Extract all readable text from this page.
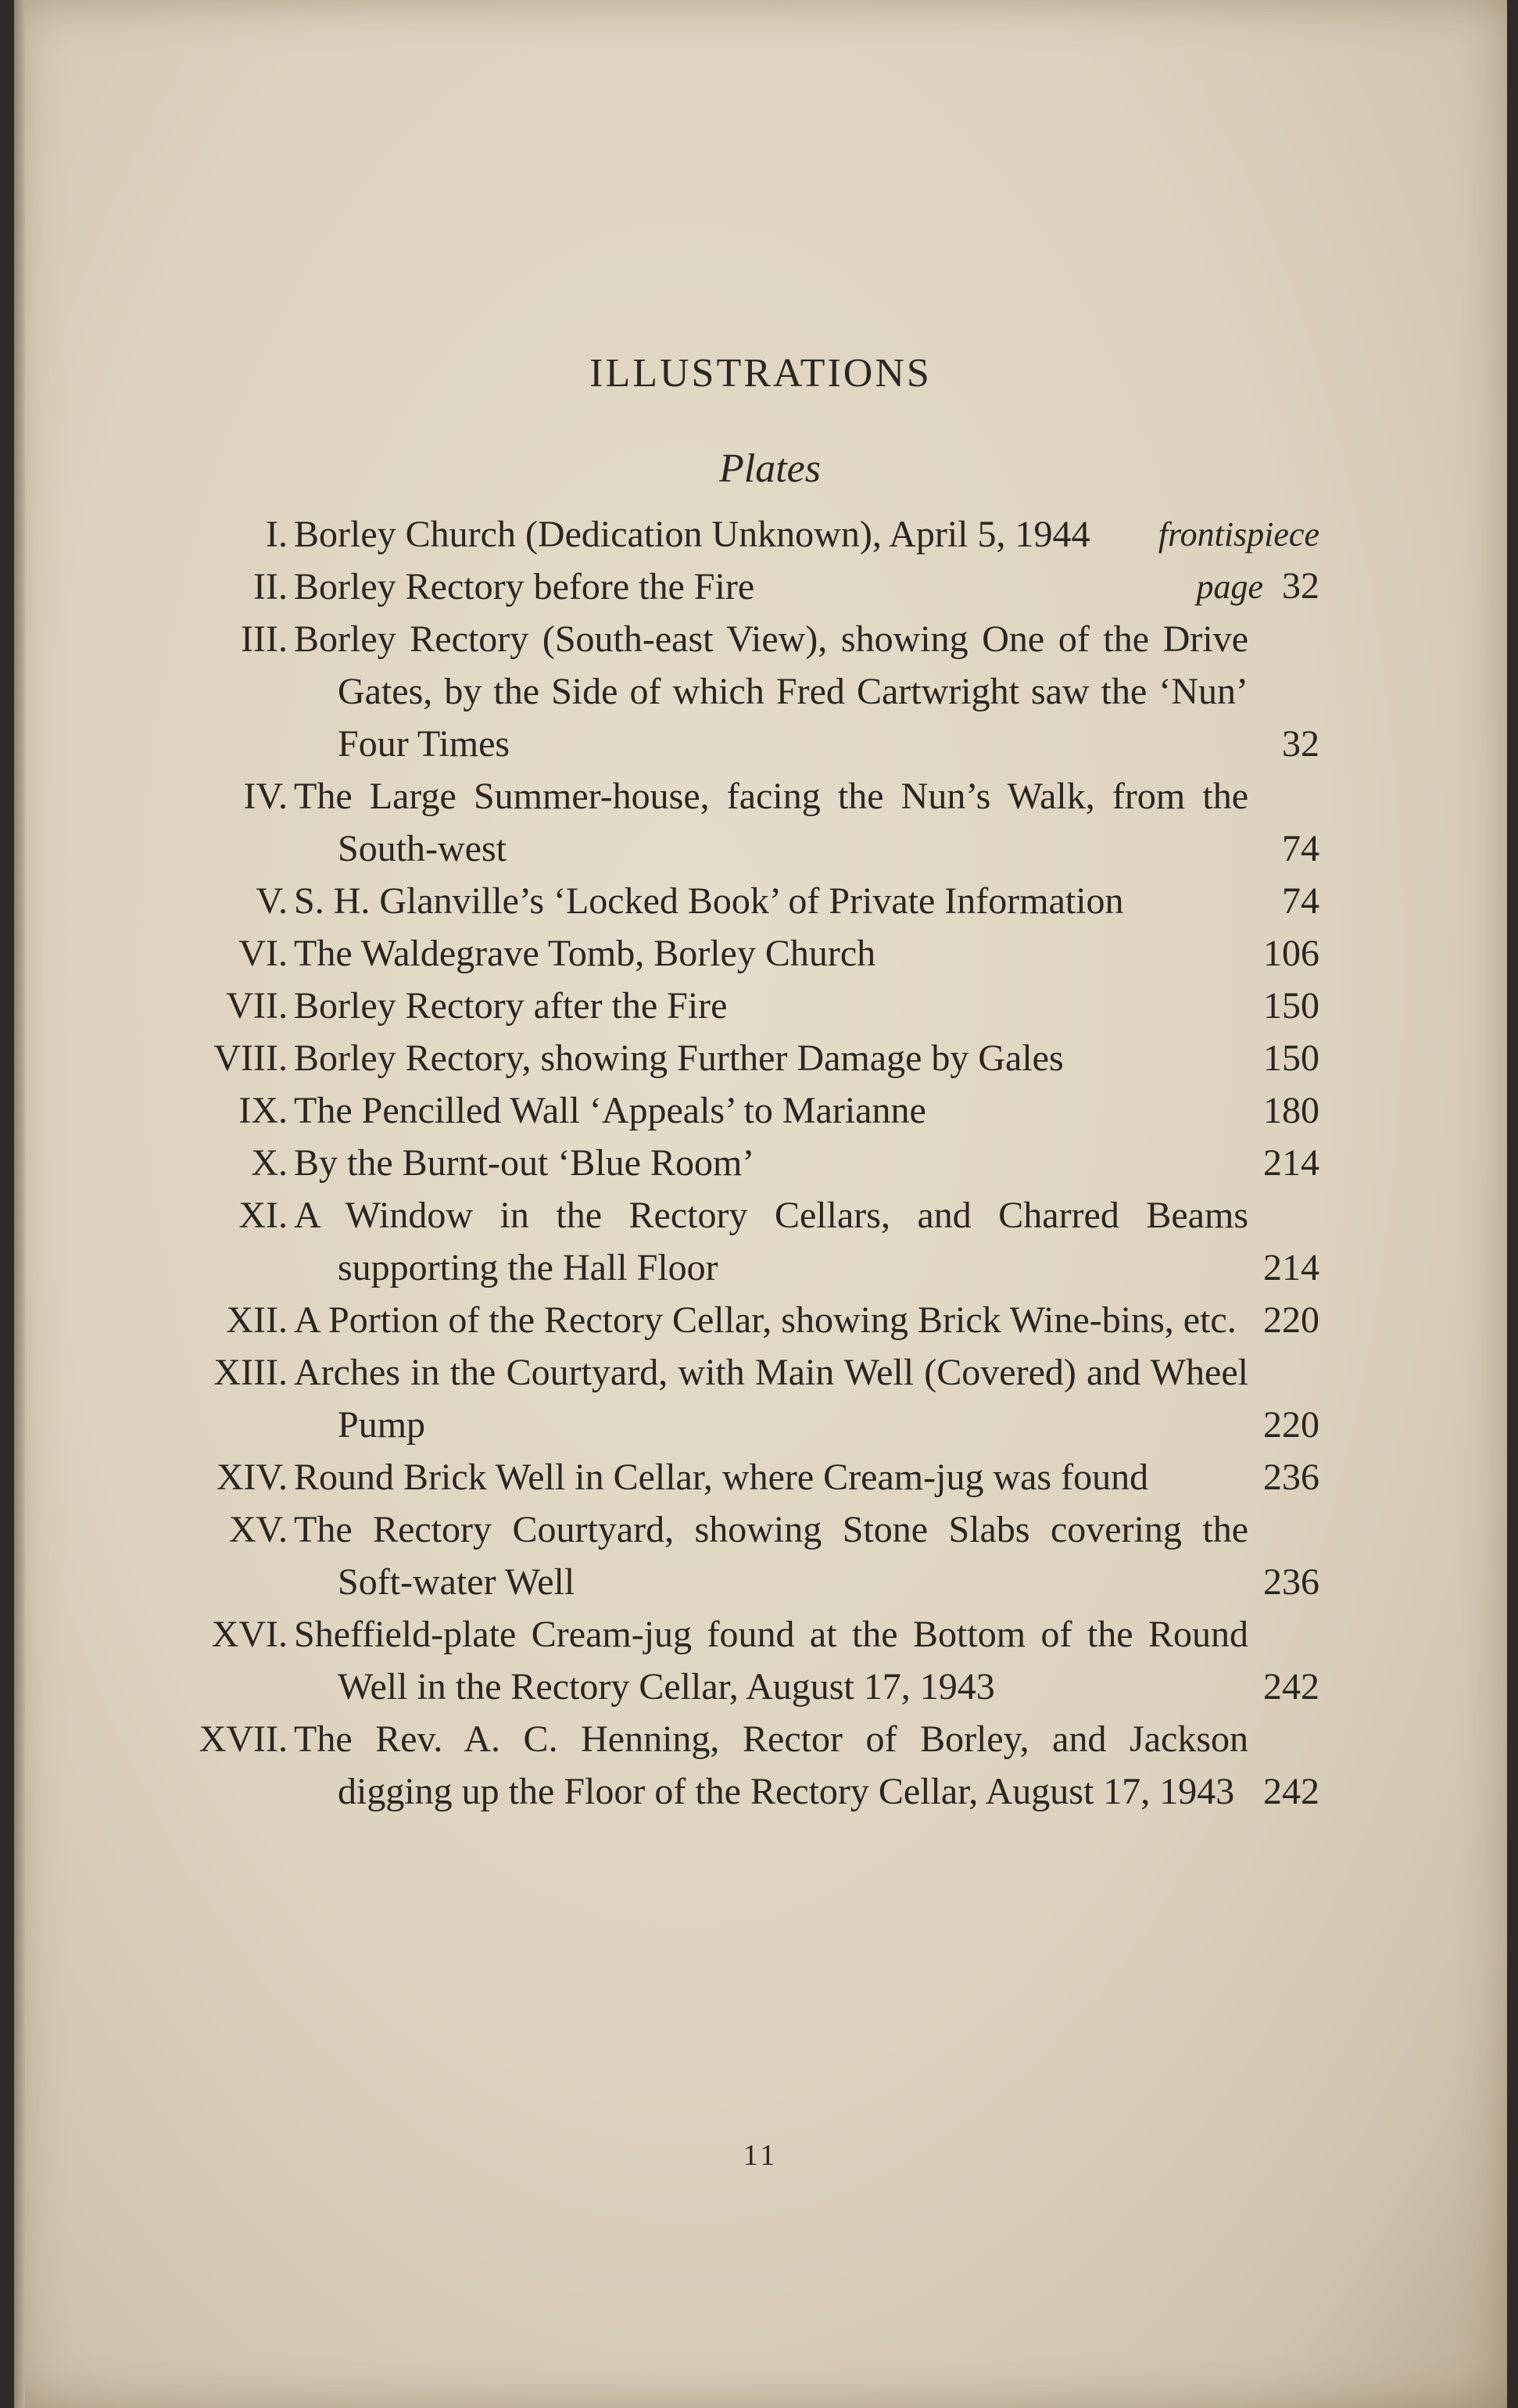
ILLUSTRATIONS
Plates
I. Borley Church (Dedication Unknown), April 5, 1944	frontispiece
II. Borley Rectory before the Fire	page 32
III. Borley Rectory (South-east View), showing One of the Drive Gates, by the Side of which Fred Cartwright saw the ‘Nun’ Four Times	32
IV. The Large Summer-house, facing the Nun’s Walk, from the South-west	74
V. S. H. Glanville’s ‘Locked Book’ of Private Information	74
VI. The Waldegrave Tomb, Borley Church	106
VII. Borley Rectory after the Fire	150
VIII. Borley Rectory, showing Further Damage by Gales	150
IX. The Pencilled Wall ‘Appeals’ to Marianne	180
X. By the Burnt-out ‘Blue Room’	214
XI. A Window in the Rectory Cellars, and Charred Beams supporting the Hall Floor	214
XII. A Portion of the Rectory Cellar, showing Brick Wine-bins, etc. 220
XIII. Arches in the Courtyard, with Main Well (Covered) and Wheel Pump	220
XIV. Round Brick Well in Cellar, where Cream-jug was found	236
XV. The Rectory Courtyard, showing Stone Slabs covering the Soft-water Well	236
XVI. Sheffield-plate Cream-jug found at the Bottom of the Round Well in the Rectory Cellar, August 17, 1943	242
XVII. The Rev. A. C. Henning, Rector of Borley, and Jackson digging up the Floor of the Rectory Cellar, August 17, 1943 242
11
